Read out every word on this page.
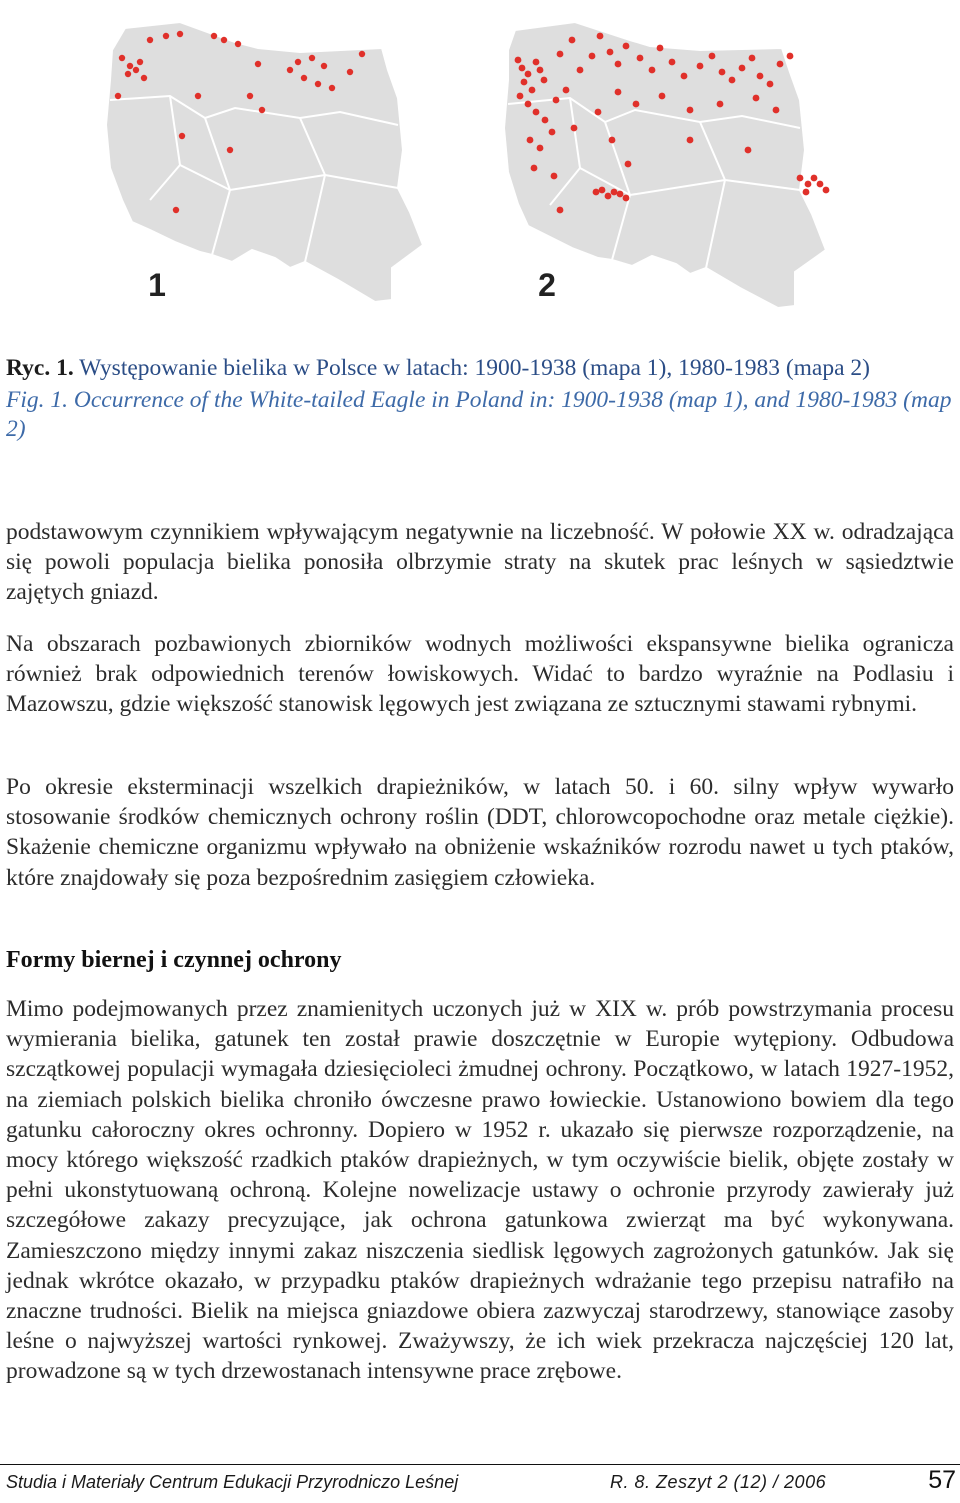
1	2
Ryc. 1. Występowanie bielika w Polsce w latach: 1900-1938 (mapa 1), 1980-1983 (mapa 2)
Fig. 1. Occurrence of the White-tailed Eagle in Poland in: 1900-1938 (map 1), and 1980-1983 (map 2)

podstawowym czynnikiem wpływającym negatywnie na liczebność. W połowie XX w. odradzająca się powoli populacja bielika ponosiła olbrzymie straty na skutek prac leśnych w sąsiedztwie zajętych gniazd.

Na obszarach pozbawionych zbiorników wodnych możliwości ekspansywne bielika ogranicza również brak odpowiednich terenów łowiskowych. Widać to bardzo wyraźnie na Podlasiu i Mazowszu, gdzie większość stanowisk lęgowych jest związana ze sztucznymi stawami rybnymi.

Po okresie eksterminacji wszelkich drapieżników, w latach 50. i 60. silny wpływ wywarło stosowanie środków chemicznych ochrony roślin (DDT, chlorowcopochodne oraz metale ciężkie). Skażenie chemiczne organizmu wpływało na obniżenie wskaźników rozrodu nawet u tych ptaków, które znajdowały się poza bezpośrednim zasięgiem człowieka.

Formy biernej i czynnej ochrony

Mimo podejmowanych przez znamienitych uczonych już w XIX w. prób powstrzymania procesu wymierania bielika, gatunek ten został prawie doszczętnie w Europie wytępiony. Odbudowa szczątkowej populacji wymagała dziesięcioleci żmudnej ochrony. Początkowo, w latach 1927-1952, na ziemiach polskich bielika chroniło ówczesne prawo łowieckie. Ustanowiono bowiem dla tego gatunku całoroczny okres ochronny. Dopiero w 1952 r. ukazało się pierwsze rozporządzenie, na mocy którego większość rzadkich ptaków drapieżnych, w tym oczywiście bielik, objęte zostały w pełni ukonstytuowaną ochroną. Kolejne nowelizacje ustawy o ochronie przyrody zawierały już szczegółowe zakazy precyzujące, jak ochrona gatunkowa zwierząt ma być wykonywana. Zamieszczono między innymi zakaz niszczenia siedlisk lęgowych zagrożonych gatunków. Jak się jednak wkrótce okazało, w przypadku ptaków drapieżnych wdrażanie tego przepisu natrafiło na znaczne trudności. Bielik na miejsca gniazdowe obiera zazwyczaj starodrzewy, stanowiące zasoby leśne o najwyższej wartości rynkowej. Zważywszy, że ich wiek przekracza najczęściej 120 lat, prowadzone są w tych drzewostanach intensywne prace zrębowe.

Studia i Materiały Centrum Edukacji Przyrodniczo Leśnej	R. 8. Zeszyt 2 (12) / 2006	57
